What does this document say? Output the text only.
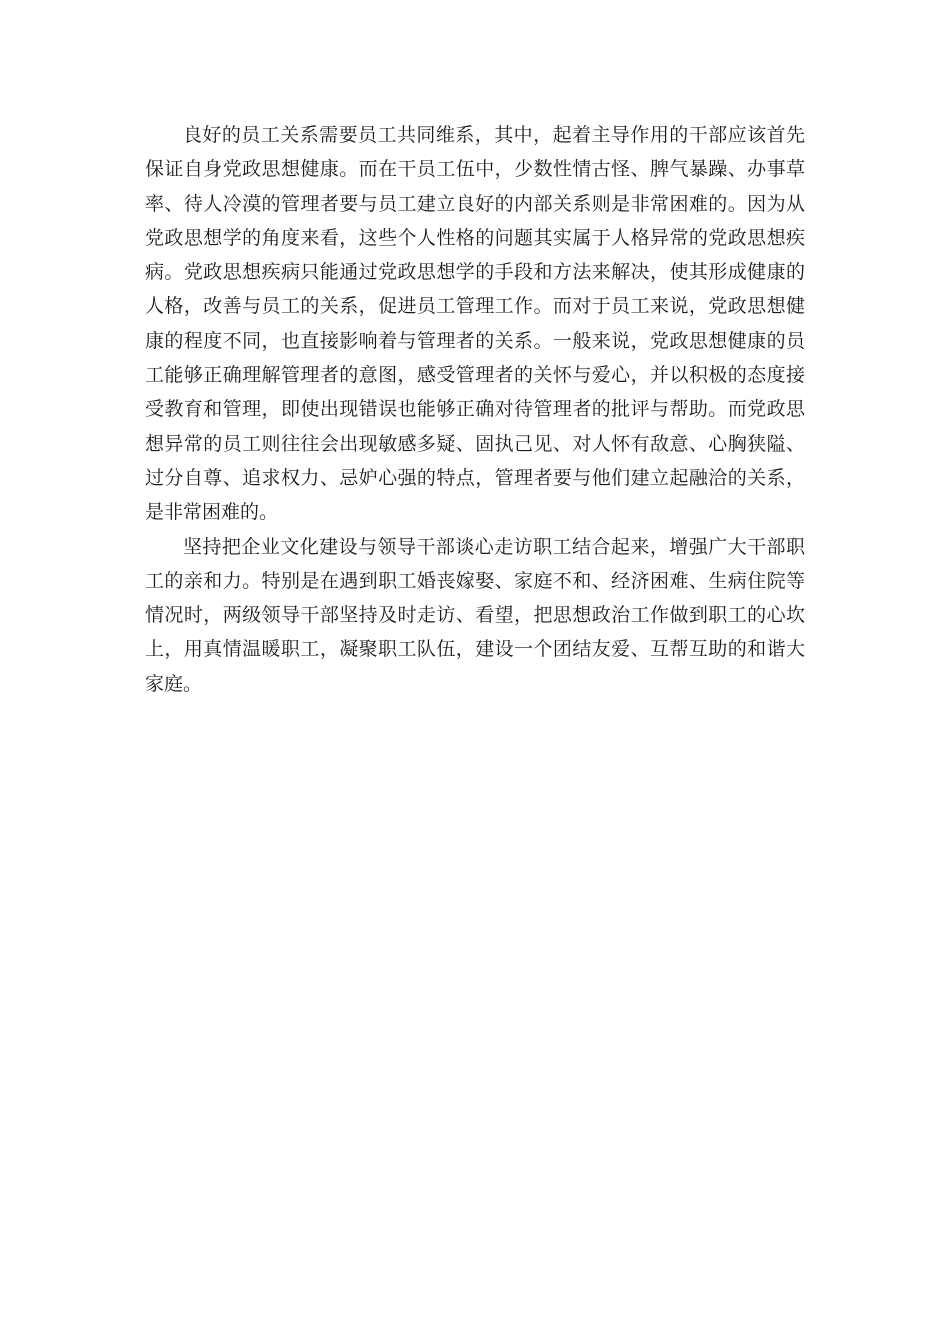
良好的员工关系需要员工共同维系，其中，起着主导作用的干部应该首先保证自身党政思想健康。而在干员工伍中，少数性情古怪、脾气暴躁、办事草率、待人冷漠的管理者要与员工建立良好的内部关系则是非常困难的。因为从党政思想学的角度来看，这些个人性格的问题其实属于人格异常的党政思想疾病。党政思想疾病只能通过党政思想学的手段和方法来解决，使其形成健康的人格，改善与员工的关系，促进员工管理工作。而对于员工来说，党政思想健康的程度不同，也直接影响着与管理者的关系。一般来说，党政思想健康的员工能够正确理解管理者的意图，感受管理者的关怀与爱心，并以积极的态度接受教育和管理，即使出现错误也能够正确对待管理者的批评与帮助。而党政思想异常的员工则往往会出现敏感多疑、固执己见、对人怀有敌意、心胸狭隘、过分自尊、追求权力、忌妒心强的特点，管理者要与他们建立起融洽的关系，是非常困难的。

坚持把企业文化建设与领导干部谈心走访职工结合起来，增强广大干部职工的亲和力。特别是在遇到职工婚丧嫁娶、家庭不和、经济困难、生病住院等情况时，两级领导干部坚持及时走访、看望，把思想政治工作做到职工的心坎上，用真情温暖职工，凝聚职工队伍，建设一个团结友爱、互帮互助的和谐大家庭。
